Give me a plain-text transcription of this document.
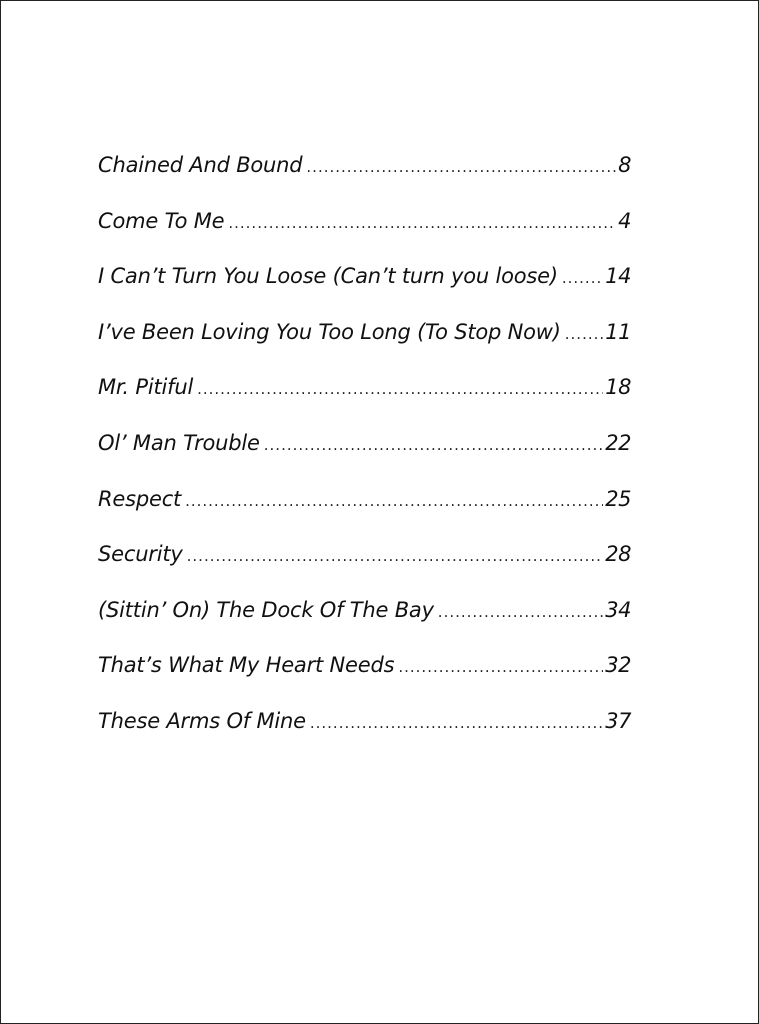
Chained And Bound .....	8
Come To Me .....	4
I Can’t Turn You Loose (Can’t turn you loose) ..... 14
I’ve Been Loving You Too Long (To Stop Now) ..... 11
Mr. Pitiful .....	18
Ol’ Man Trouble .....	22
Respect .....	25
Security .....	28
(Sittin’ On) The Dock Of The Bay .....	34
That’s What My Heart Needs .....	32
These Arms Of Mine .....	37
